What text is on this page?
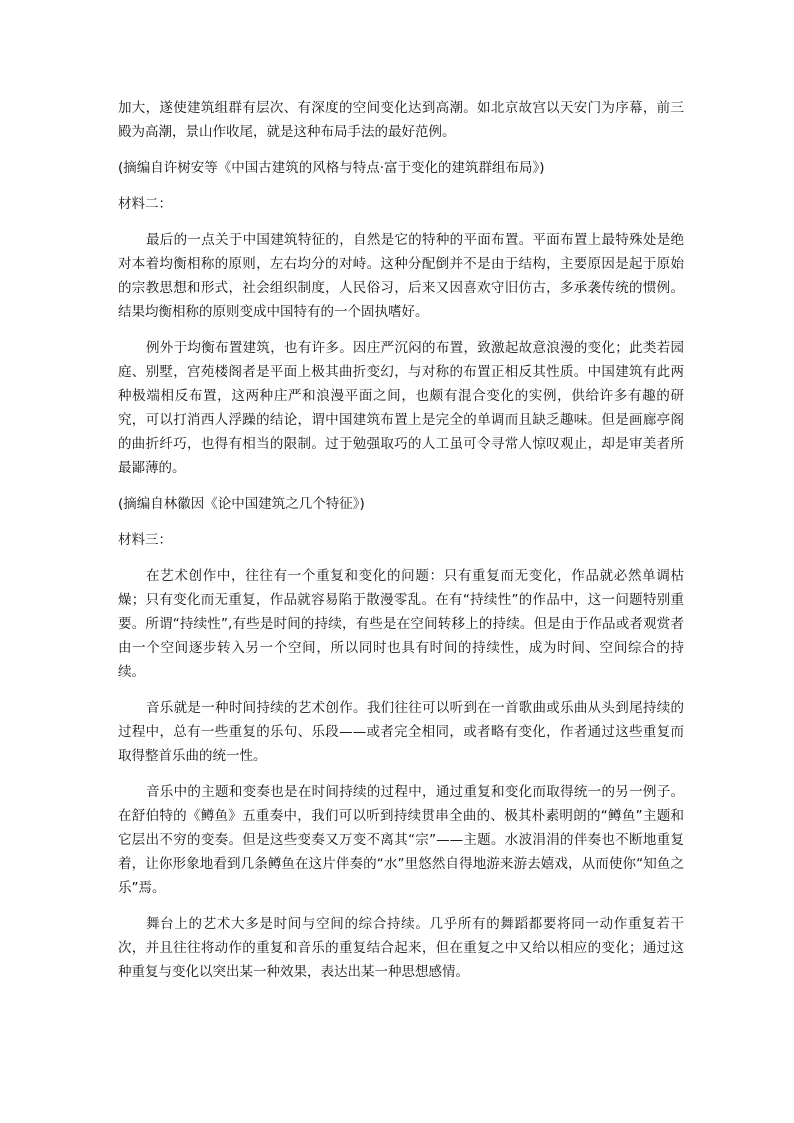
加大，遂使建筑组群有层次、有深度的空间变化达到高潮。如北京故宫以天安门为序幕，前三殿为高潮，景山作收尾，就是这种布局手法的最好范例。

(摘编自许树安等《中国古建筑的风格与特点·富于变化的建筑群组布局》)

材料二：

最后的一点关于中国建筑特征的，自然是它的特种的平面布置。平面布置上最特殊处是绝对本着均衡相称的原则，左右均分的对峙。这种分配倒并不是由于结构，主要原因是起于原始的宗教思想和形式，社会组织制度，人民俗习，后来又因喜欢守旧仿古，多承袭传统的惯例。结果均衡相称的原则变成中国特有的一个固执嗜好。

例外于均衡布置建筑，也有许多。因庄严沉闷的布置，致激起故意浪漫的变化；此类若园庭、别墅，宫苑楼阁者是平面上极其曲折变幻，与对称的布置正相反其性质。中国建筑有此两种极端相反布置，这两种庄严和浪漫平面之间，也颇有混合变化的实例，供给许多有趣的研究，可以打消西人浮躁的结论，谓中国建筑布置上是完全的单调而且缺乏趣味。但是画廊亭阁的曲折纤巧，也得有相当的限制。过于勉强取巧的人工虽可令寻常人惊叹观止，却是审美者所最鄙薄的。

(摘编自林徽因《论中国建筑之几个特征》)

材料三：

在艺术创作中，往往有一个重复和变化的问题：只有重复而无变化，作品就必然单调枯燥；只有变化而无重复，作品就容易陷于散漫零乱。在有“持续性”的作品中，这一问题特别重要。所谓“持续性”,有些是时间的持续，有些是在空间转移上的持续。但是由于作品或者观赏者由一个空间逐步转入另一个空间，所以同时也具有时间的持续性，成为时间、空间综合的持续。

音乐就是一种时间持续的艺术创作。我们往往可以听到在一首歌曲或乐曲从头到尾持续的过程中，总有一些重复的乐句、乐段——或者完全相同，或者略有变化，作者通过这些重复而取得整首乐曲的统一性。

音乐中的主题和变奏也是在时间持续的过程中，通过重复和变化而取得统一的另一例子。在舒伯特的《鳟鱼》五重奏中，我们可以听到持续贯串全曲的、极其朴素明朗的“鳟鱼”主题和它层出不穷的变奏。但是这些变奏又万变不离其“宗”——主题。水波涓涓的伴奏也不断地重复着，让你形象地看到几条鳟鱼在这片伴奏的“水”里悠然自得地游来游去嬉戏，从而使你“知鱼之乐”焉。

舞台上的艺术大多是时间与空间的综合持续。几乎所有的舞蹈都要将同一动作重复若干次，并且往往将动作的重复和音乐的重复结合起来，但在重复之中又给以相应的变化；通过这种重复与变化以突出某一种效果，表达出某一种思想感情。
